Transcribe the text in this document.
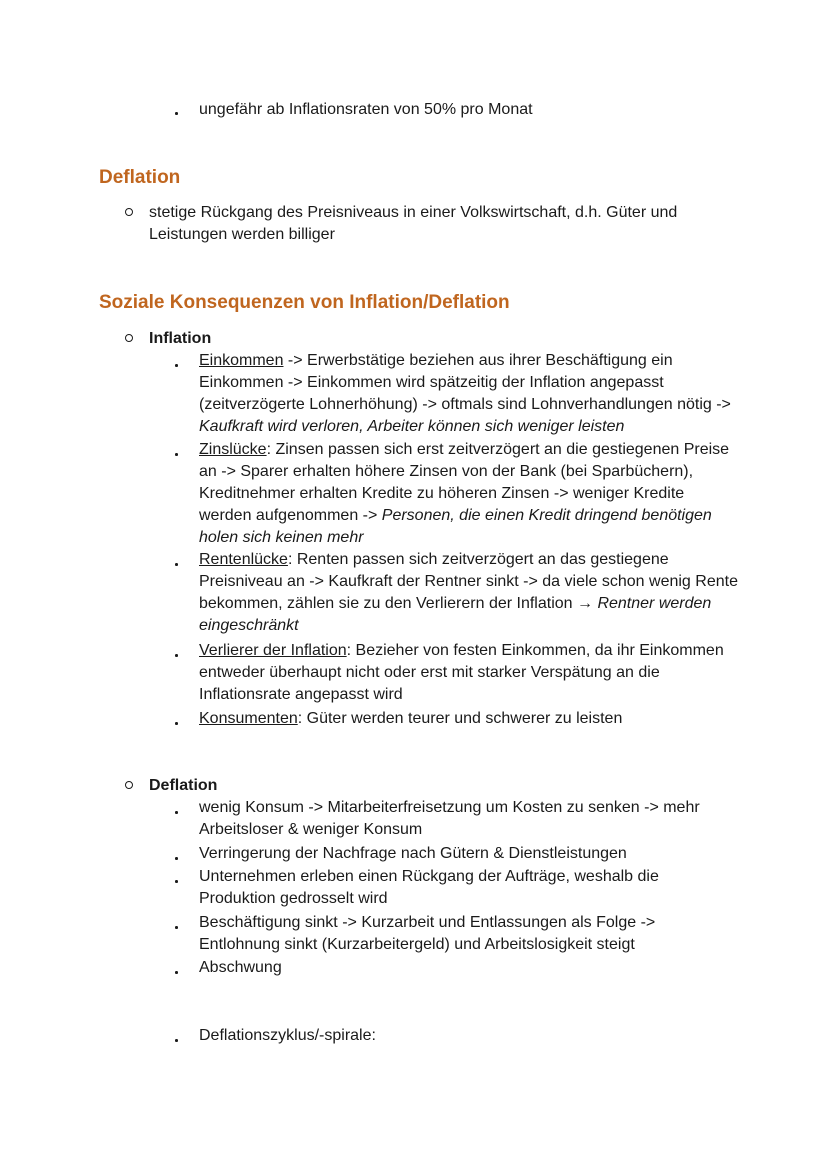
ungefähr ab Inflationsraten von 50% pro Monat
Deflation
stetige Rückgang des Preisniveaus in einer Volkswirtschaft, d.h. Güter und Leistungen werden billiger
Soziale Konsequenzen von Inflation/Deflation
Inflation
Einkommen -> Erwerbstätige beziehen aus ihrer Beschäftigung ein Einkommen -> Einkommen wird spätzeitig der Inflation angepasst (zeitverzögerte Lohnerhöhung) -> oftmals sind Lohnverhandlungen nötig -> Kaufkraft wird verloren, Arbeiter können sich weniger leisten
Zinslücke: Zinsen passen sich erst zeitverzögert an die gestiegenen Preise an -> Sparer erhalten höhere Zinsen von der Bank (bei Sparbüchern), Kreditnehmer erhalten Kredite zu höheren Zinsen -> weniger Kredite werden aufgenommen -> Personen, die einen Kredit dringend benötigen holen sich keinen mehr
Rentenlücke: Renten passen sich zeitverzögert an das gestiegene Preisniveau an -> Kaufkraft der Rentner sinkt -> da viele schon wenig Rente bekommen, zählen sie zu den Verlierern der Inflation → Rentner werden eingeschränkt
Verlierer der Inflation: Bezieher von festen Einkommen, da ihr Einkommen entweder überhaupt nicht oder erst mit starker Verspätung an die Inflationsrate angepasst wird
Konsumenten: Güter werden teurer und schwerer zu leisten
Deflation
wenig Konsum -> Mitarbeiterfreisetzung um Kosten zu senken -> mehr Arbeitsloser & weniger Konsum
Verringerung der Nachfrage nach Gütern & Dienstleistungen
Unternehmen erleben einen Rückgang der Aufträge, weshalb die Produktion gedrosselt wird
Beschäftigung sinkt -> Kurzarbeit und Entlassungen als Folge -> Entlohnung sinkt (Kurzarbeitergeld) und Arbeitslosigkeit steigt
Abschwung
Deflationszyklus/-spirale:
